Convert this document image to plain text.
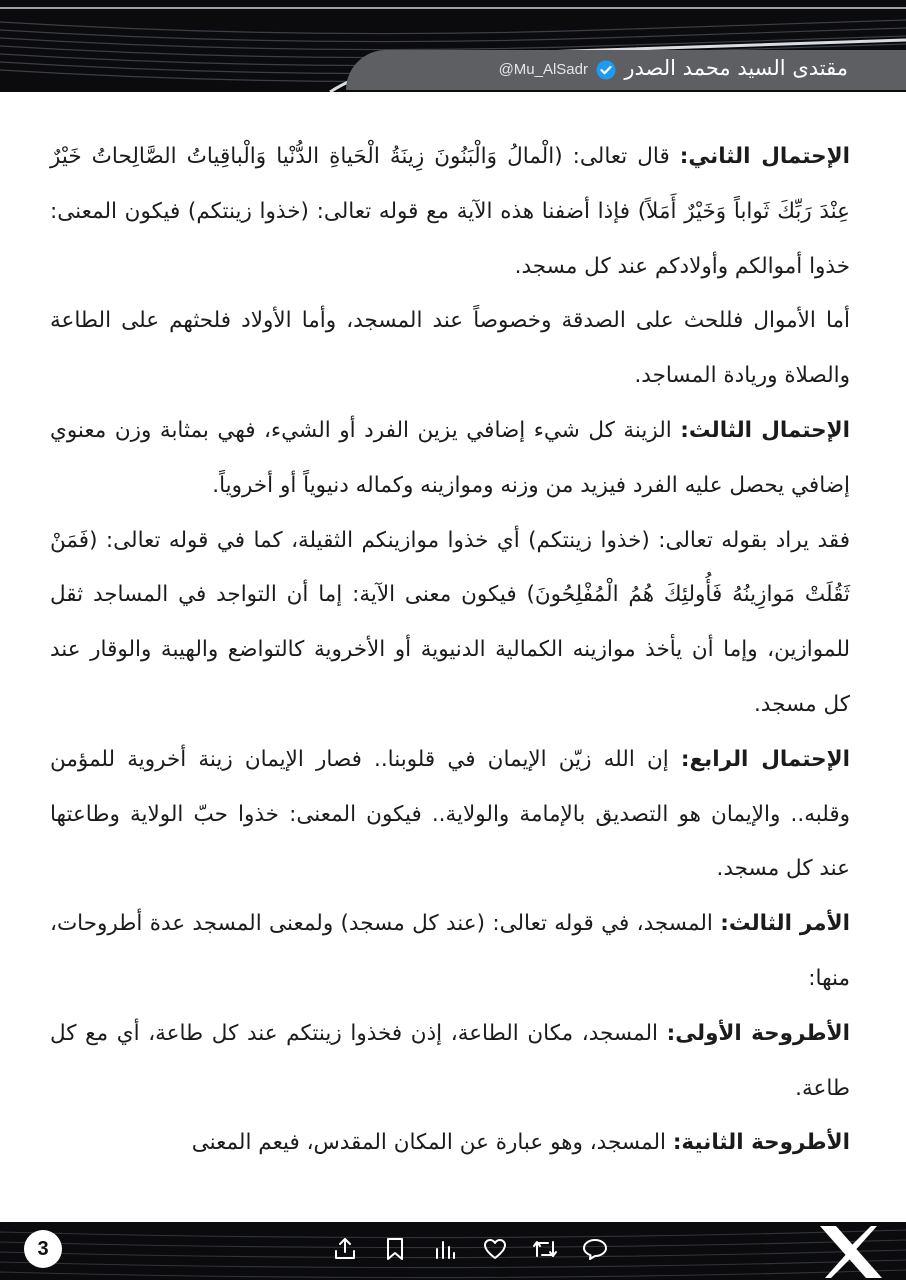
مقتدى السيد محمد الصدر
@Mu_AlSadr

الإحتمال الثاني: قال تعالى: (الْمالُ وَالْبَنُونَ زِينَةُ الْحَياةِ الدُّنْيا وَالْباقِياتُ الصَّالِحاتُ خَيْرٌ عِنْدَ رَبِّكَ ثَواباً وَخَيْرٌ أَمَلاً) فإذا أضفنا هذه الآية مع قوله تعالى: (خذوا زينتكم) فيكون المعنى: خذوا أموالكم وأولادكم عند كل مسجد.

أما الأموال فللحث على الصدقة وخصوصاً عند المسجد، وأما الأولاد فلحثهم على الطاعة والصلاة وريادة المساجد.

الإحتمال الثالث: الزينة كل شيء إضافي يزين الفرد أو الشيء، فهي بمثابة وزن معنوي إضافي يحصل عليه الفرد فيزيد من وزنه وموازينه وكماله دنيوياً أو أخروياً.

فقد يراد بقوله تعالى: (خذوا زينتكم) أي خذوا موازينكم الثقيلة، كما في قوله تعالى: (فَمَنْ ثَقُلَتْ مَوازِينُهُ فَأُولئِكَ هُمُ الْمُفْلِحُونَ) فيكون معنى الآية: إما أن التواجد في المساجد ثقل للموازين، وإما أن يأخذ موازينه الكمالية الدنيوية أو الأخروية كالتواضع والهيبة والوقار عند كل مسجد.

الإحتمال الرابع: إن الله زيّن الإيمان في قلوبنا.. فصار الإيمان زينة أخروية للمؤمن وقلبه.. والإيمان هو التصديق بالإمامة والولاية.. فيكون المعنى: خذوا حبّ الولاية وطاعتها عند كل مسجد.

الأمر الثالث: المسجد، في قوله تعالى: (عند كل مسجد) ولمعنى المسجد عدة أطروحات، منها:

الأطروحة الأولى: المسجد، مكان الطاعة، إذن فخذوا زينتكم عند كل طاعة، أي مع كل طاعة.

الأطروحة الثانية: المسجد، وهو عبارة عن المكان المقدس، فيعم المعنى

3
